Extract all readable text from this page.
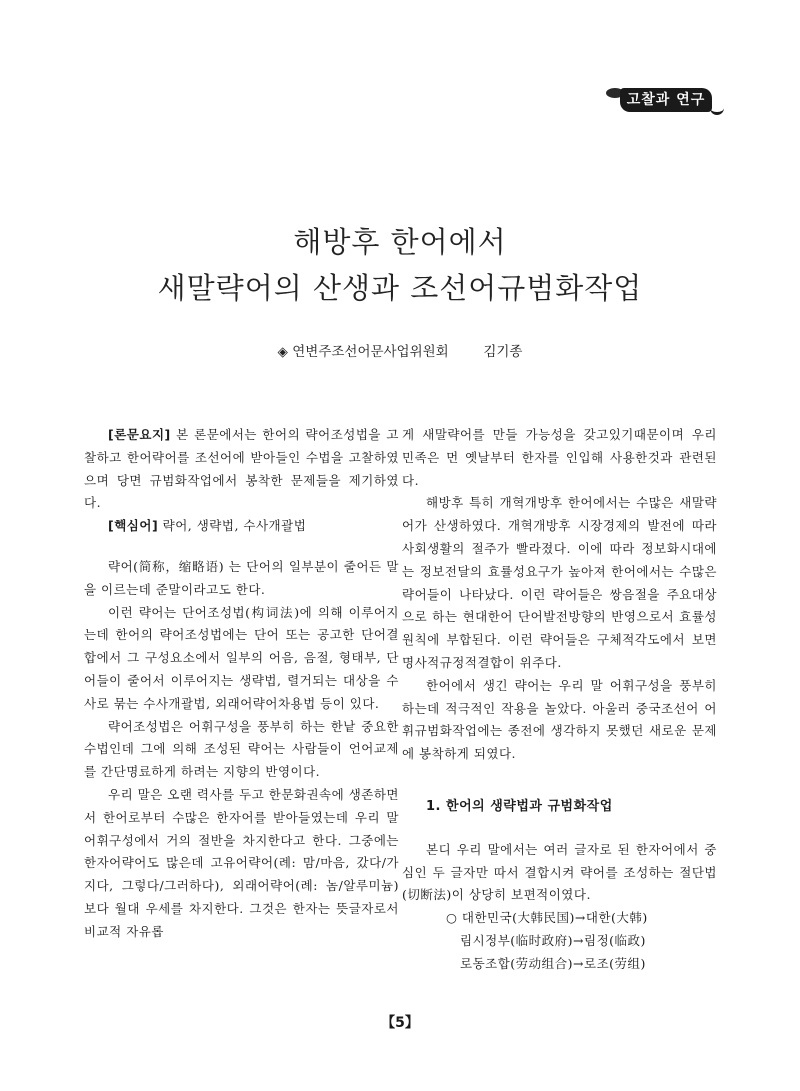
고찰과 연구
해방후 한어에서
새말략어의 산생과 조선어규범화작업
◈ 연변주조선어문사업위원회	김기종

[론문요지] 본 론문에서는 한어의 략어조성법을 고찰하고 한어략어를 조선어에 받아들인 수법을 고찰하였으며 당면 규범화작업에서 봉착한 문제들을 제기하였다.

[핵심어] 략어, 생략법, 수사개괄법

략어(简称，缩略语) 는 단어의 일부분이 줄어든 말을 이르는데 준말이라고도 한다.

이런 략어는 단어조성법(构词法)에 의해 이루어지는데 한어의 략어조성법에는 단어 또는 공고한 단어결합에서 그 구성요소에서 일부의 어음, 음절, 형태부, 단어들이 줄어서 이루어지는 생략법, 렬거되는 대상을 수사로 묶는 수사개괄법, 외래어략어차용법 등이 있다.

략어조성법은 어휘구성을 풍부히 하는 한낱 중요한 수법인데 그에 의해 조성된 략어는 사람들이 언어교제를 간단명료하게 하려는 지향의 반영이다.

우리 말은 오랜 력사를 두고 한문화권속에 생존하면서 한어로부터 수많은 한자어를 받아들였는데 우리 말 어휘구성에서 거의 절반을 차지한다고 한다. 그중에는 한자어략어도 많은데 고유어략어(례: 맘/마음, 갔다/가지다, 그렇다/그러하다), 외래어략어(례: 놈/알루미늄)보다 월대 우세를 차지한다. 그것은 한자는 뜻글자로서 비교적 자유롭

게 새말략어를 만들 가능성을 갖고있기때문이며 우리 민족은 먼 옛날부터 한자를 인입해 사용한것과 관련된다.

해방후 특히 개혁개방후 한어에서는 수많은 새말략어가 산생하였다. 개혁개방후 시장경제의 발전에 따라 사회생활의 절주가 빨라졌다. 이에 따라 정보화시대에는 정보전달의 효률성요구가 높아져 한어에서는 수많은 략어들이 나타났다. 이런 략어들은 쌍음절을 주요대상으로 하는 현대한어 단어발전방향의 반영으로서 효률성원칙에 부합된다. 이런 략어들은 구체적각도에서 보면 명사적규정적결합이 위주다.

한어에서 생긴 략어는 우리 말 어휘구성을 풍부히 하는데 적극적인 작용을 놀았다. 아울러 중국조선어 어휘규범화작업에는 종전에 생각하지 못했던 새로운 문제에 봉착하게 되였다.

1. 한어의 생략법과 규범화작업

본디 우리 말에서는 여러 글자로 된 한자어에서 중심인 두 글자만 따서 결합시켜 략어를 조성하는 절단법(切断法)이 상당히 보편적이였다.

○ 대한민국(大韩民国)→대한(大韩)

림시정부(临时政府)→림정(临政)

로동조합(劳动组合)→로조(劳组)

【5】
